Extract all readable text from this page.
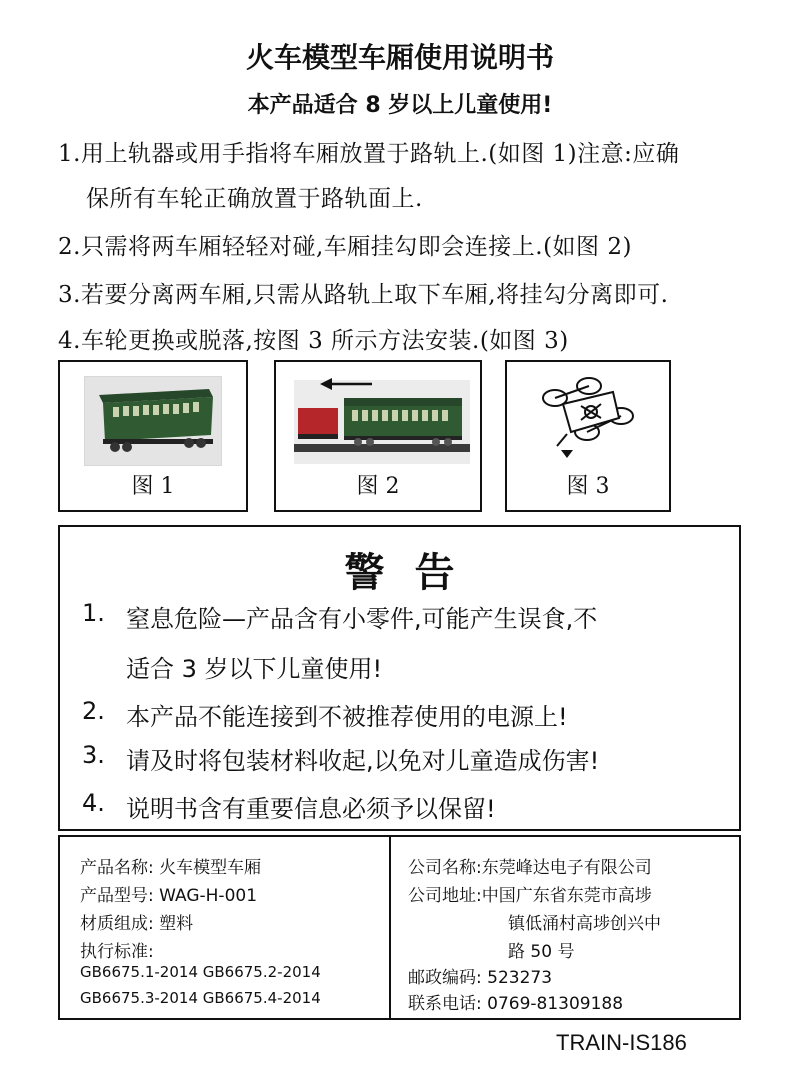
火车模型车厢使用说明书
本产品适合 8 岁以上儿童使用!
1.用上轨器或用手指将车厢放置于路轨上.(如图 1)注意:应确
保所有车轮正确放置于路轨面上.
2.只需将两车厢轻轻对碰,车厢挂勾即会连接上.(如图 2)
3.若要分离两车厢,只需从路轨上取下车厢,将挂勾分离即可.
4.车轮更换或脱落,按图 3 所示方法安装.(如图 3)
图 1	图 2	图 3
警告
1. 窒息危险—产品含有小零件,可能产生误食,不
适合 3 岁以下儿童使用!
2. 本产品不能连接到不被推荐使用的电源上!
3. 请及时将包装材料收起,以免对儿童造成伤害!
4. 说明书含有重要信息必须予以保留!
产品名称: 火车模型车厢
产品型号: WAG-H-001
材质组成: 塑料
执行标准:
GB6675.1-2014 GB6675.2-2014
GB6675.3-2014 GB6675.4-2014
公司名称:东莞峰达电子有限公司
公司地址:中国广东省东莞市高埗
镇低涌村高埗创兴中
路 50 号
邮政编码: 523273
联系电话: 0769-81309188
TRAIN-IS186
